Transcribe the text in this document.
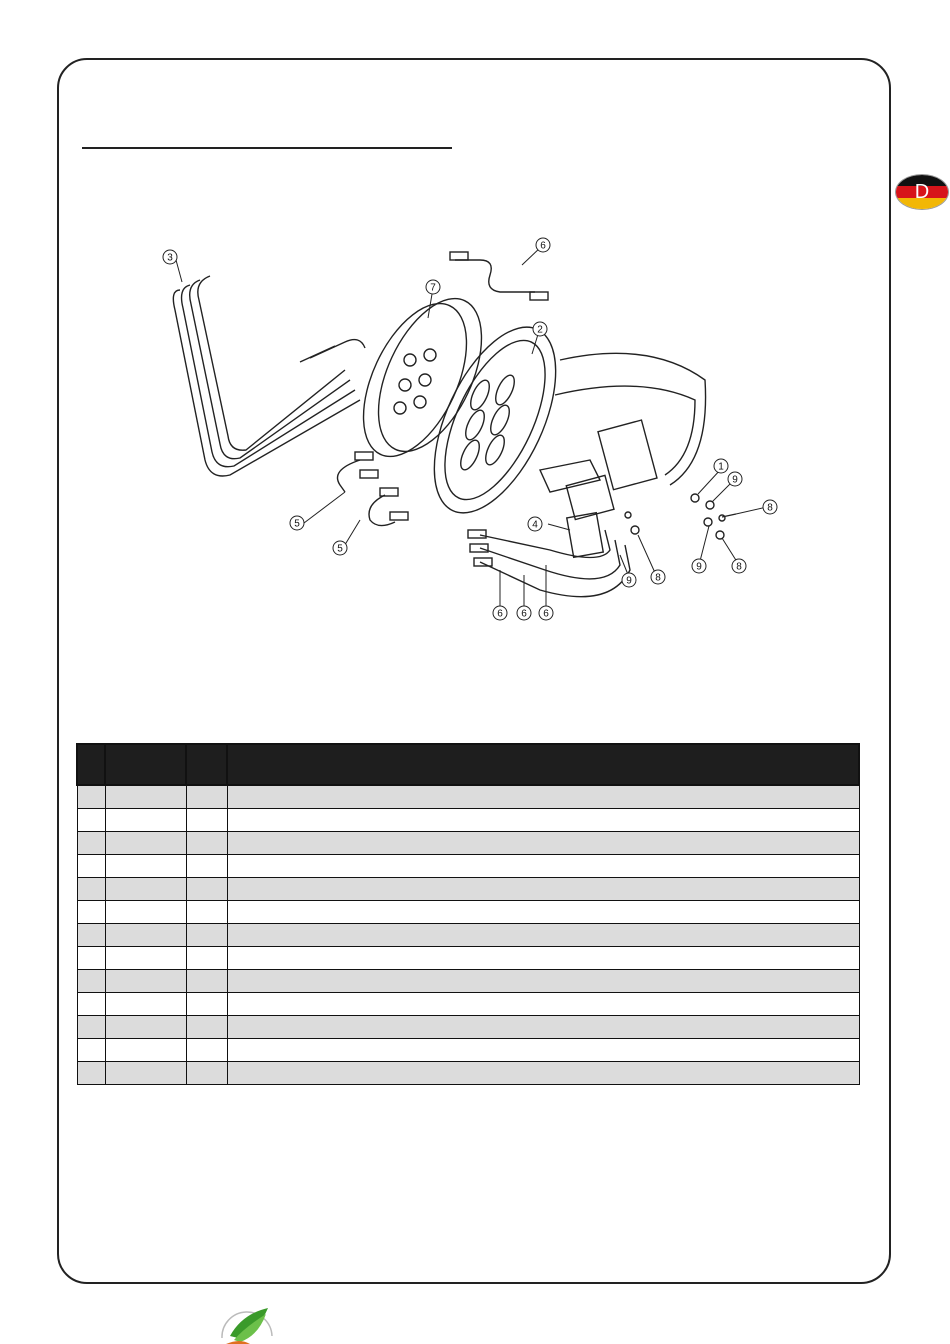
D
3
6
7
2
1
9
8
4
5
5
6 6 6
9 8
9	8
